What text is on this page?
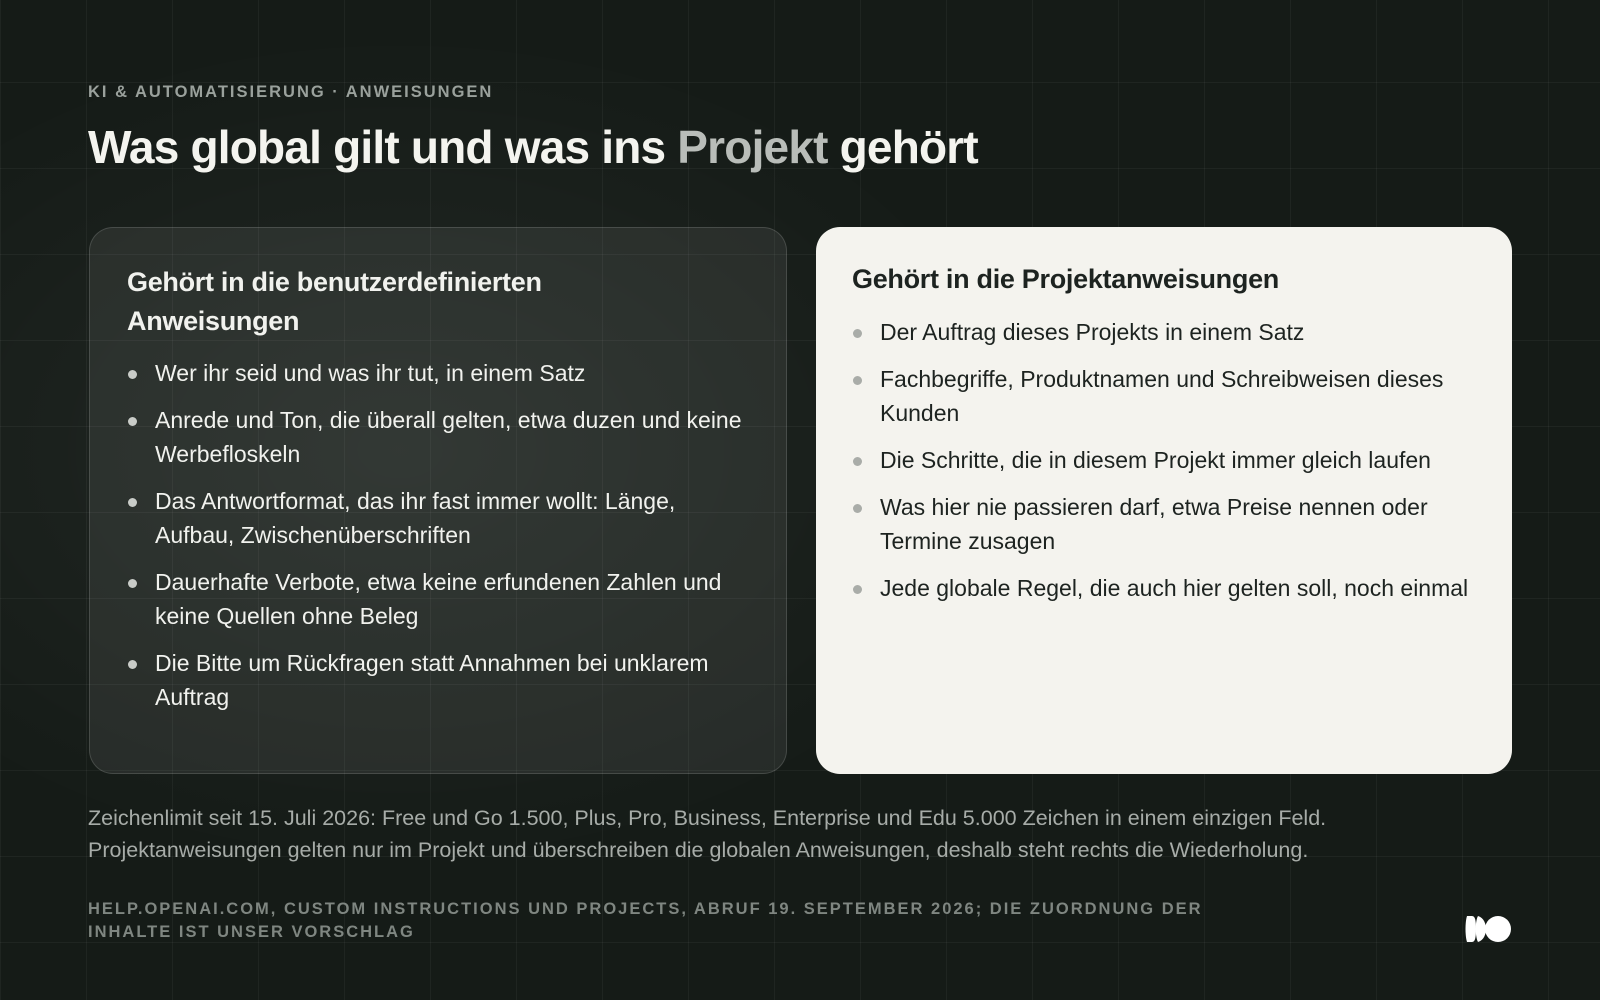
KI & AUTOMATISIERUNG · ANWEISUNGEN
Was global gilt und was ins Projekt gehört
Gehört in die benutzerdefinierten Anweisungen
Wer ihr seid und was ihr tut, in einem Satz
Anrede und Ton, die überall gelten, etwa duzen und keine Werbefloskeln
Das Antwortformat, das ihr fast immer wollt: Länge, Aufbau, Zwischenüberschriften
Dauerhafte Verbote, etwa keine erfundenen Zahlen und keine Quellen ohne Beleg
Die Bitte um Rückfragen statt Annahmen bei unklarem Auftrag
Gehört in die Projektanweisungen
Der Auftrag dieses Projekts in einem Satz
Fachbegriffe, Produktnamen und Schreibweisen dieses Kunden
Die Schritte, die in diesem Projekt immer gleich laufen
Was hier nie passieren darf, etwa Preise nennen oder Termine zusagen
Jede globale Regel, die auch hier gelten soll, noch einmal
Zeichenlimit seit 15. Juli 2026: Free und Go 1.500, Plus, Pro, Business, Enterprise und Edu 5.000 Zeichen in einem einzigen Feld.
Projektanweisungen gelten nur im Projekt und überschreiben die globalen Anweisungen, deshalb steht rechts die Wiederholung.
HELP.OPENAI.COM, CUSTOM INSTRUCTIONS UND PROJECTS, ABRUF 19. SEPTEMBER 2026; DIE ZUORDNUNG DER INHALTE IST UNSER VORSCHLAG
